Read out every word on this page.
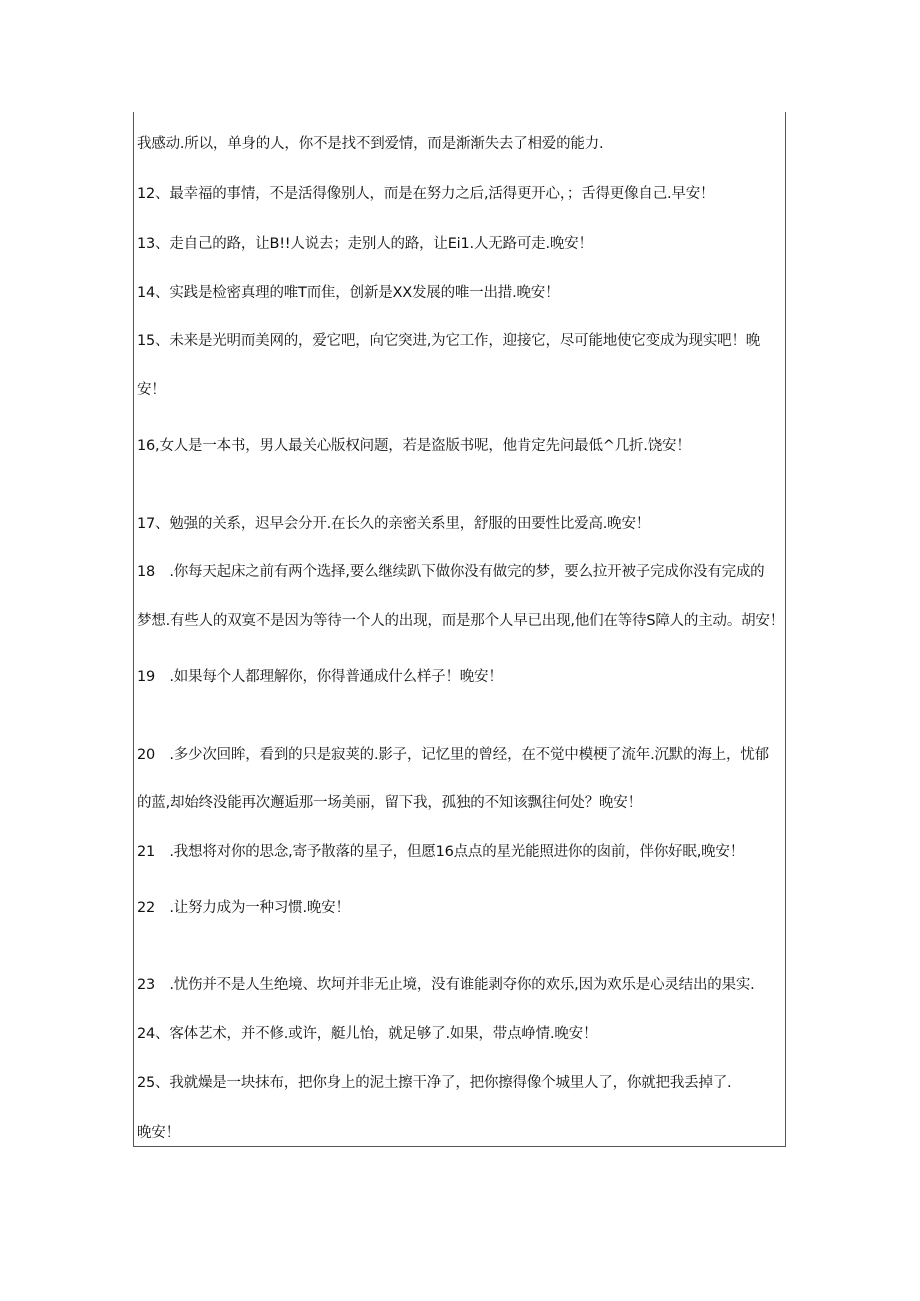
我感动.所以，单身的人，你不是找不到爱情，而是渐渐失去了相爱的能力.
12、最幸福的事情，不是活得像别人，而是在努力之后,活得更开心，；舌得更像自己.早安！
13、走自己的路，让B!!人说去；走别人的路，让Ei1.人无路可走.晚安！
14、实践是检密真理的唯T而隹，创新是XX发展的唯一出措.晚安！
15、未来是光明而美网的，爱它吧，向它突进,为它工作，迎接它，尽可能地使它变成为现实吧！晚
安！
16,女人是一本书，男人最关心版权问题，若是盗版书呢，他肯定先问最低^几折.饶安！
17、勉强的关系，迟早会分开.在长久的亲密关系里，舒服的田要性比爱高.晚安！
18　.你每天起床之前有两个选择,要么继续趴下做你没有做完的梦，要么拉开被子完成你没有完成的
梦想.有些人的双寞不是因为等待一个人的出现，而是那个人早已出现,他们在等待S障人的主动。胡安！
19　.如果每个人都理解你，你得普通成什么样子！晚安！
20　.多少次回眸，看到的只是寂荚的.影子，记忆里的曾经，在不觉中模梗了流年.沉默的海上，忧郁
的蓝,却始终没能再次邂逅那一场美丽，留下我，孤独的不知该飘往何处？晚安！
21　.我想将对你的思念,寄予散落的星子，但愿16点点的星光能照进你的囱前，伴你好眠,晚安！
22　.让努力成为一种习惯.晚安！
23　.忧伤并不是人生绝境、坎坷并非无止境，没有谁能剥夺你的欢乐,因为欢乐是心灵结出的果实.
24、客体艺术，并不修.或许，艇儿怡，就足够了.如果，带点峥情.晚安！
25、我就燥是一块抹布，把你身上的泥土擦干净了，把你擦得像个城里人了，你就把我丢掉了.
晚安！
